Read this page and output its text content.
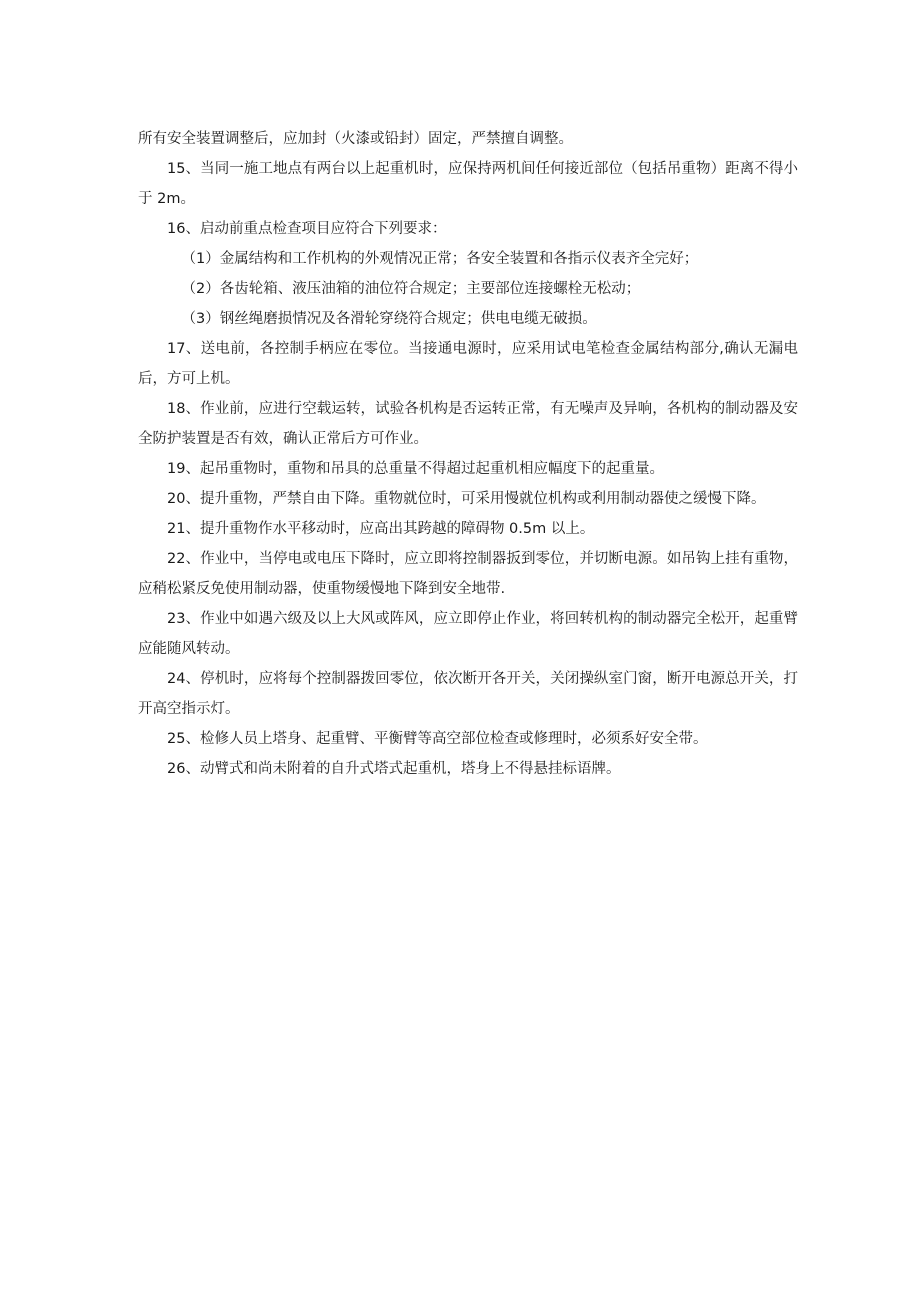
所有安全装置调整后，应加封（火漆或铅封）固定，严禁擅自调整。

15、当同一施工地点有两台以上起重机时，应保持两机间任何接近部位（包括吊重物）距离不得小于 2m。

16、启动前重点检查项目应符合下列要求：

（1）金属结构和工作机构的外观情况正常；各安全装置和各指示仪表齐全完好；

（2）各齿轮箱、液压油箱的油位符合规定；主要部位连接螺栓无松动；

（3）钢丝绳磨损情况及各滑轮穿绕符合规定；供电电缆无破损。

17、送电前，各控制手柄应在零位。当接通电源时，应采用试电笔检查金属结构部分,确认无漏电后，方可上机。

18、作业前，应进行空载运转，试验各机构是否运转正常，有无噪声及异响，各机构的制动器及安全防护装置是否有效，确认正常后方可作业。

19、起吊重物时，重物和吊具的总重量不得超过起重机相应幅度下的起重量。

20、提升重物，严禁自由下降。重物就位时，可采用慢就位机构或利用制动器使之缓慢下降。

21、提升重物作水平移动时，应高出其跨越的障碍物 0.5m 以上。

22、作业中，当停电或电压下降时，应立即将控制器扳到零位，并切断电源。如吊钩上挂有重物，应稍松紧反免使用制动器，使重物缓慢地下降到安全地带.

23、作业中如遇六级及以上大风或阵风，应立即停止作业，将回转机构的制动器完全松开，起重臂应能随风转动。

24、停机时，应将每个控制器拨回零位，依次断开各开关，关闭操纵室门窗，断开电源总开关，打开高空指示灯。

25、检修人员上塔身、起重臂、平衡臂等高空部位检查或修理时，必须系好安全带。

26、动臂式和尚未附着的自升式塔式起重机，塔身上不得悬挂标语牌。
